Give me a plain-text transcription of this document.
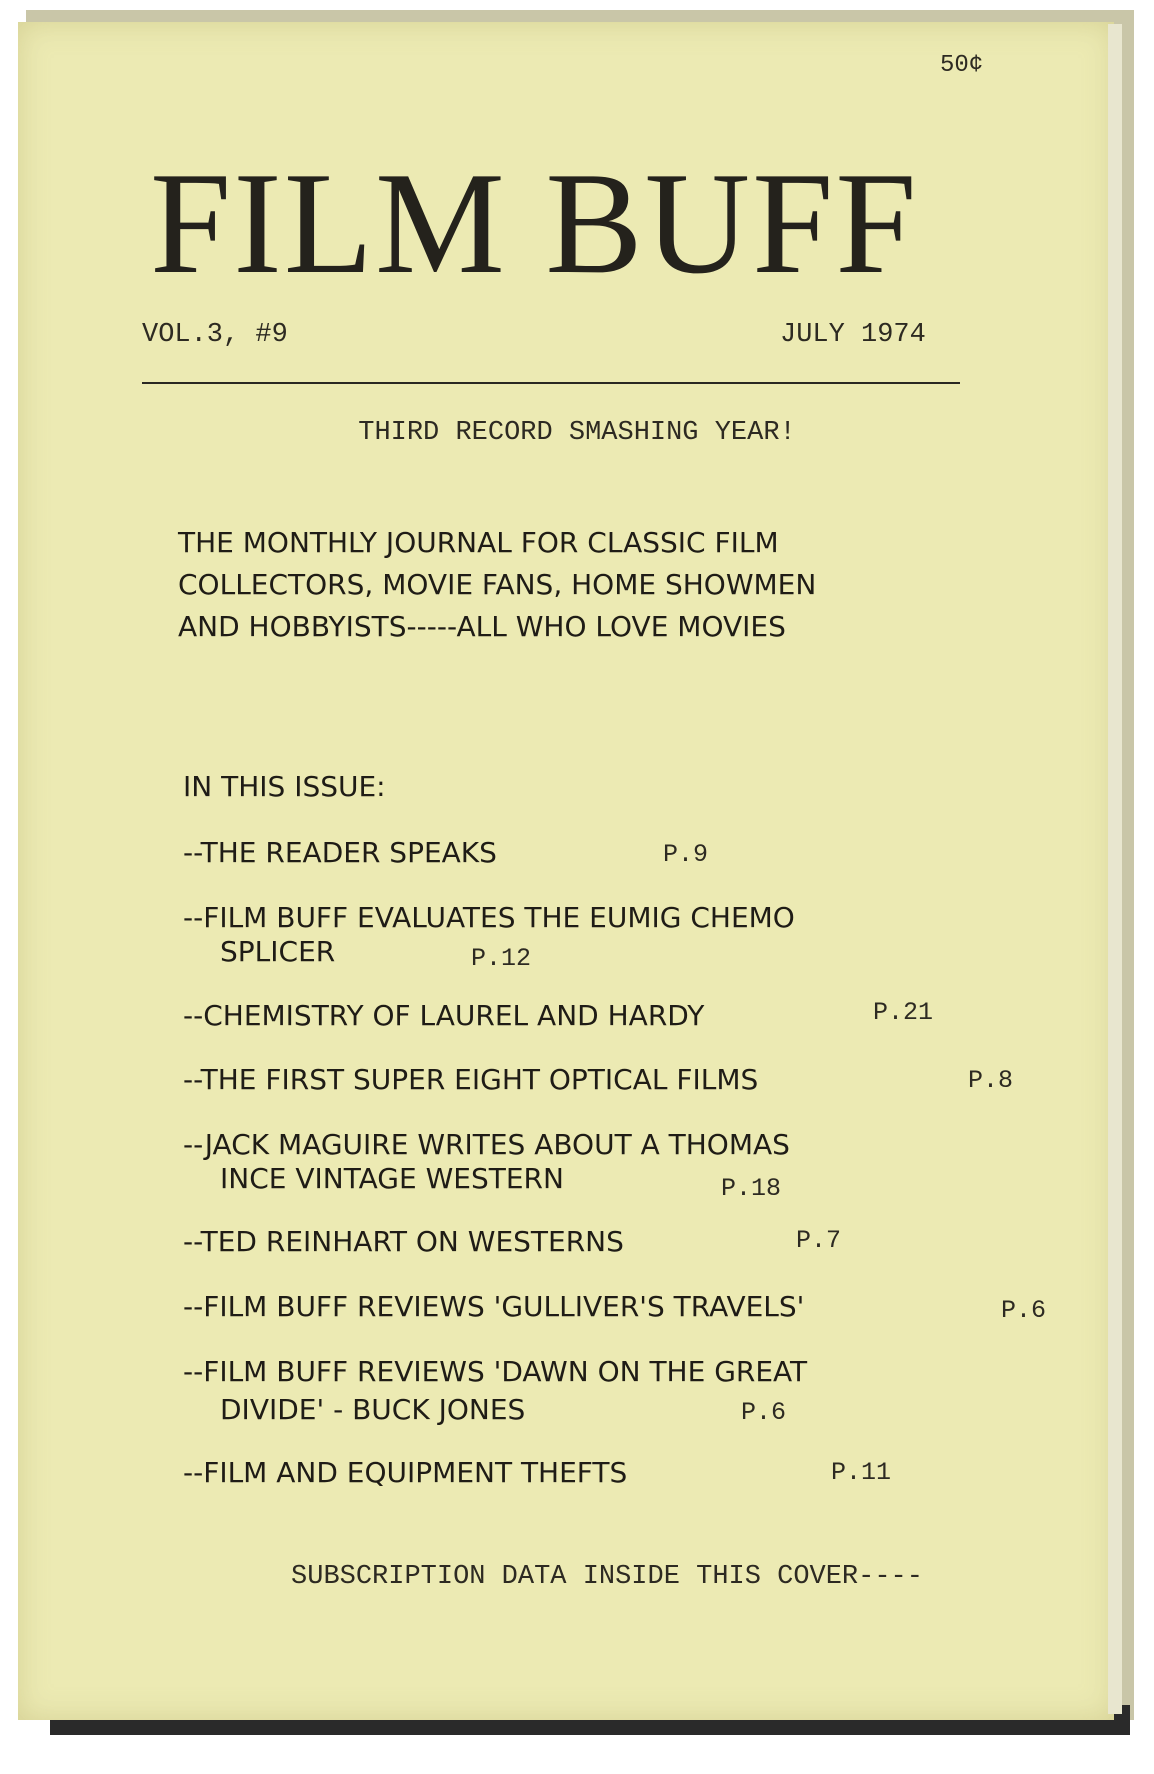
50¢
FILM BUFF
VOL.3, #9	JULY 1974
THIRD RECORD SMASHING YEAR!
THE MONTHLY JOURNAL FOR CLASSIC FILM
COLLECTORS, MOVIE FANS, HOME SHOWMEN
AND HOBBYISTS-----ALL WHO LOVE MOVIES
IN THIS ISSUE:
--THE READER SPEAKS	P.9
--FILM BUFF EVALUATES THE EUMIG CHEMO
SPLICER	P.12
--CHEMISTRY OF LAUREL AND HARDY	P.21
--THE FIRST SUPER EIGHT OPTICAL FILMS	P.8
--JACK MAGUIRE WRITES ABOUT A THOMAS
INCE VINTAGE WESTERN	P.18
--TED REINHART ON WESTERNS	P.7
--FILM BUFF REVIEWS 'GULLIVER'S TRAVELS'	P.6
--FILM BUFF REVIEWS 'DAWN ON THE GREAT
DIVIDE' - BUCK JONES	P.6
--FILM AND EQUIPMENT THEFTS	P.11
SUBSCRIPTION DATA INSIDE THIS COVER----
